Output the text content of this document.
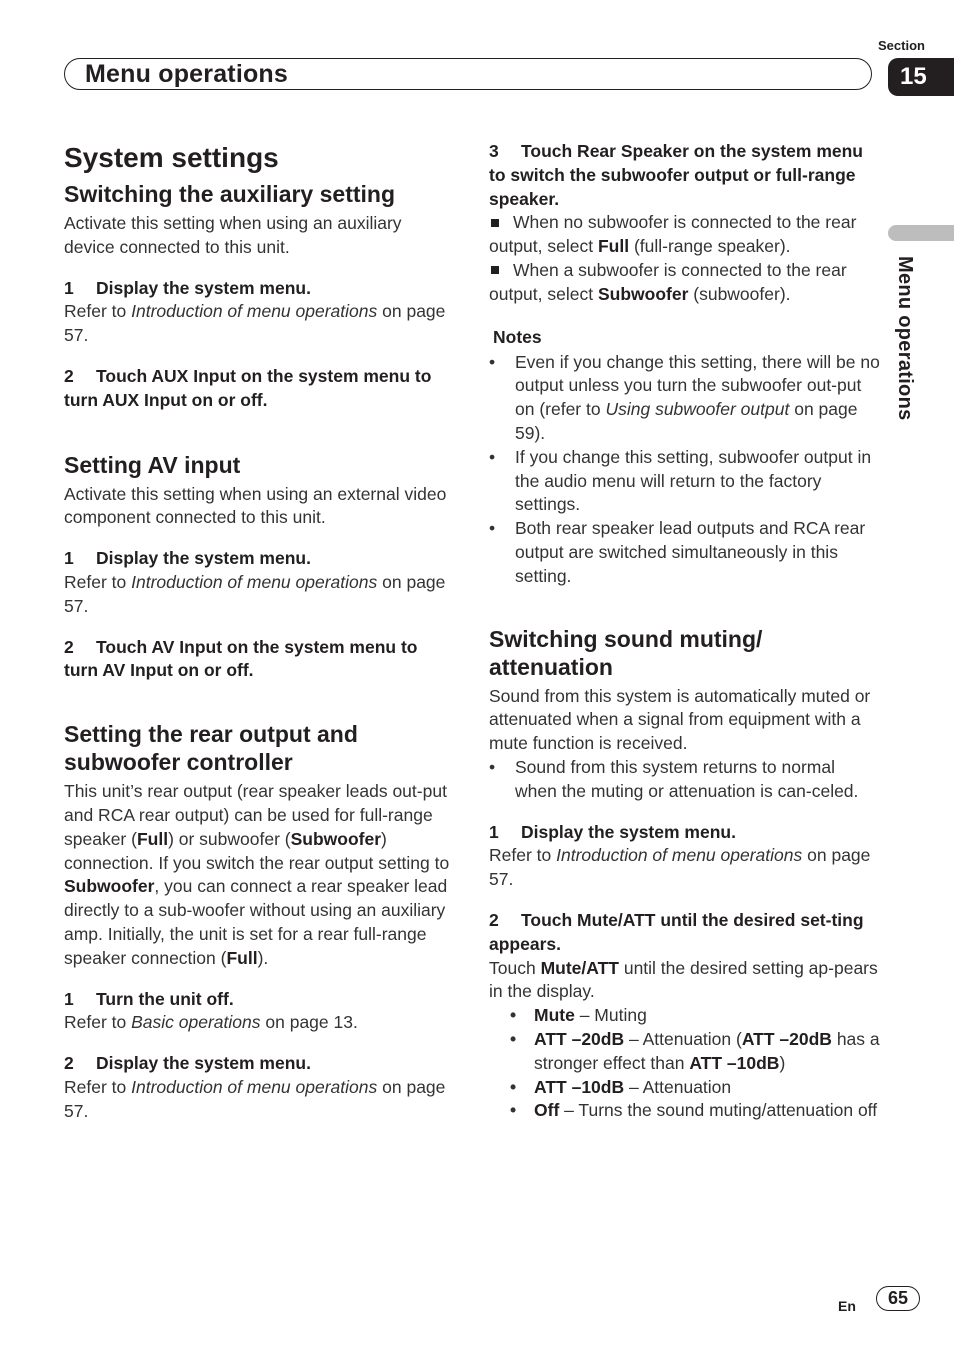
Section
Menu operations	15
Menu operations
System settings
Switching the auxiliary setting

Activate this setting when using an auxiliary device connected to this unit.

1 Display the system menu.

Refer to Introduction of menu operations on page 57.

2 Touch AUX Input on the system menu to turn AUX Input on or off.
Setting AV input

Activate this setting when using an external video component connected to this unit.

1 Display the system menu.

Refer to Introduction of menu operations on page 57.

2 Touch AV Input on the system menu to turn AV Input on or off.
Setting the rear output and subwoofer controller

This unit’s rear output (rear speaker leads out-put and RCA rear output) can be used for full-range speaker (Full) or subwoofer (Subwoofer) connection. If you switch the rear output setting to Subwoofer, you can connect a rear speaker lead directly to a sub-woofer without using an auxiliary amp. Initially, the unit is set for a rear full-range speaker connection (Full).

1 Turn the unit off.

Refer to Basic operations on page 13.

2 Display the system menu.

Refer to Introduction of menu operations on page 57.

3 Touch Rear Speaker on the system menu to switch the subwoofer output or full-range speaker.

When no subwoofer is connected to the rear output, select Full (full-range speaker).

When a subwoofer is connected to the rear output, select Subwoofer (subwoofer).

Notes
• Even if you change this setting, there will be no output unless you turn the subwoofer out-put on (refer to Using subwoofer output on page 59).
• If you change this setting, subwoofer output in the audio menu will return to the factory settings.
• Both rear speaker lead outputs and RCA rear output are switched simultaneously in this setting.
Switching sound muting/ attenuation

Sound from this system is automatically muted or attenuated when a signal from equipment with a mute function is received.

• Sound from this system returns to normal when the muting or attenuation is can-celed.
1 Display the system menu.

Refer to Introduction of menu operations on page 57.

2 Touch Mute/ATT until the desired set-ting appears.

Touch Mute/ATT until the desired setting ap-pears in the display.

• Mute – Muting
• ATT –20dB – Attenuation (ATT –20dB has a stronger effect than ATT –10dB)
• ATT –10dB – Attenuation
• Off – Turns the sound muting/attenuation off
En	65
